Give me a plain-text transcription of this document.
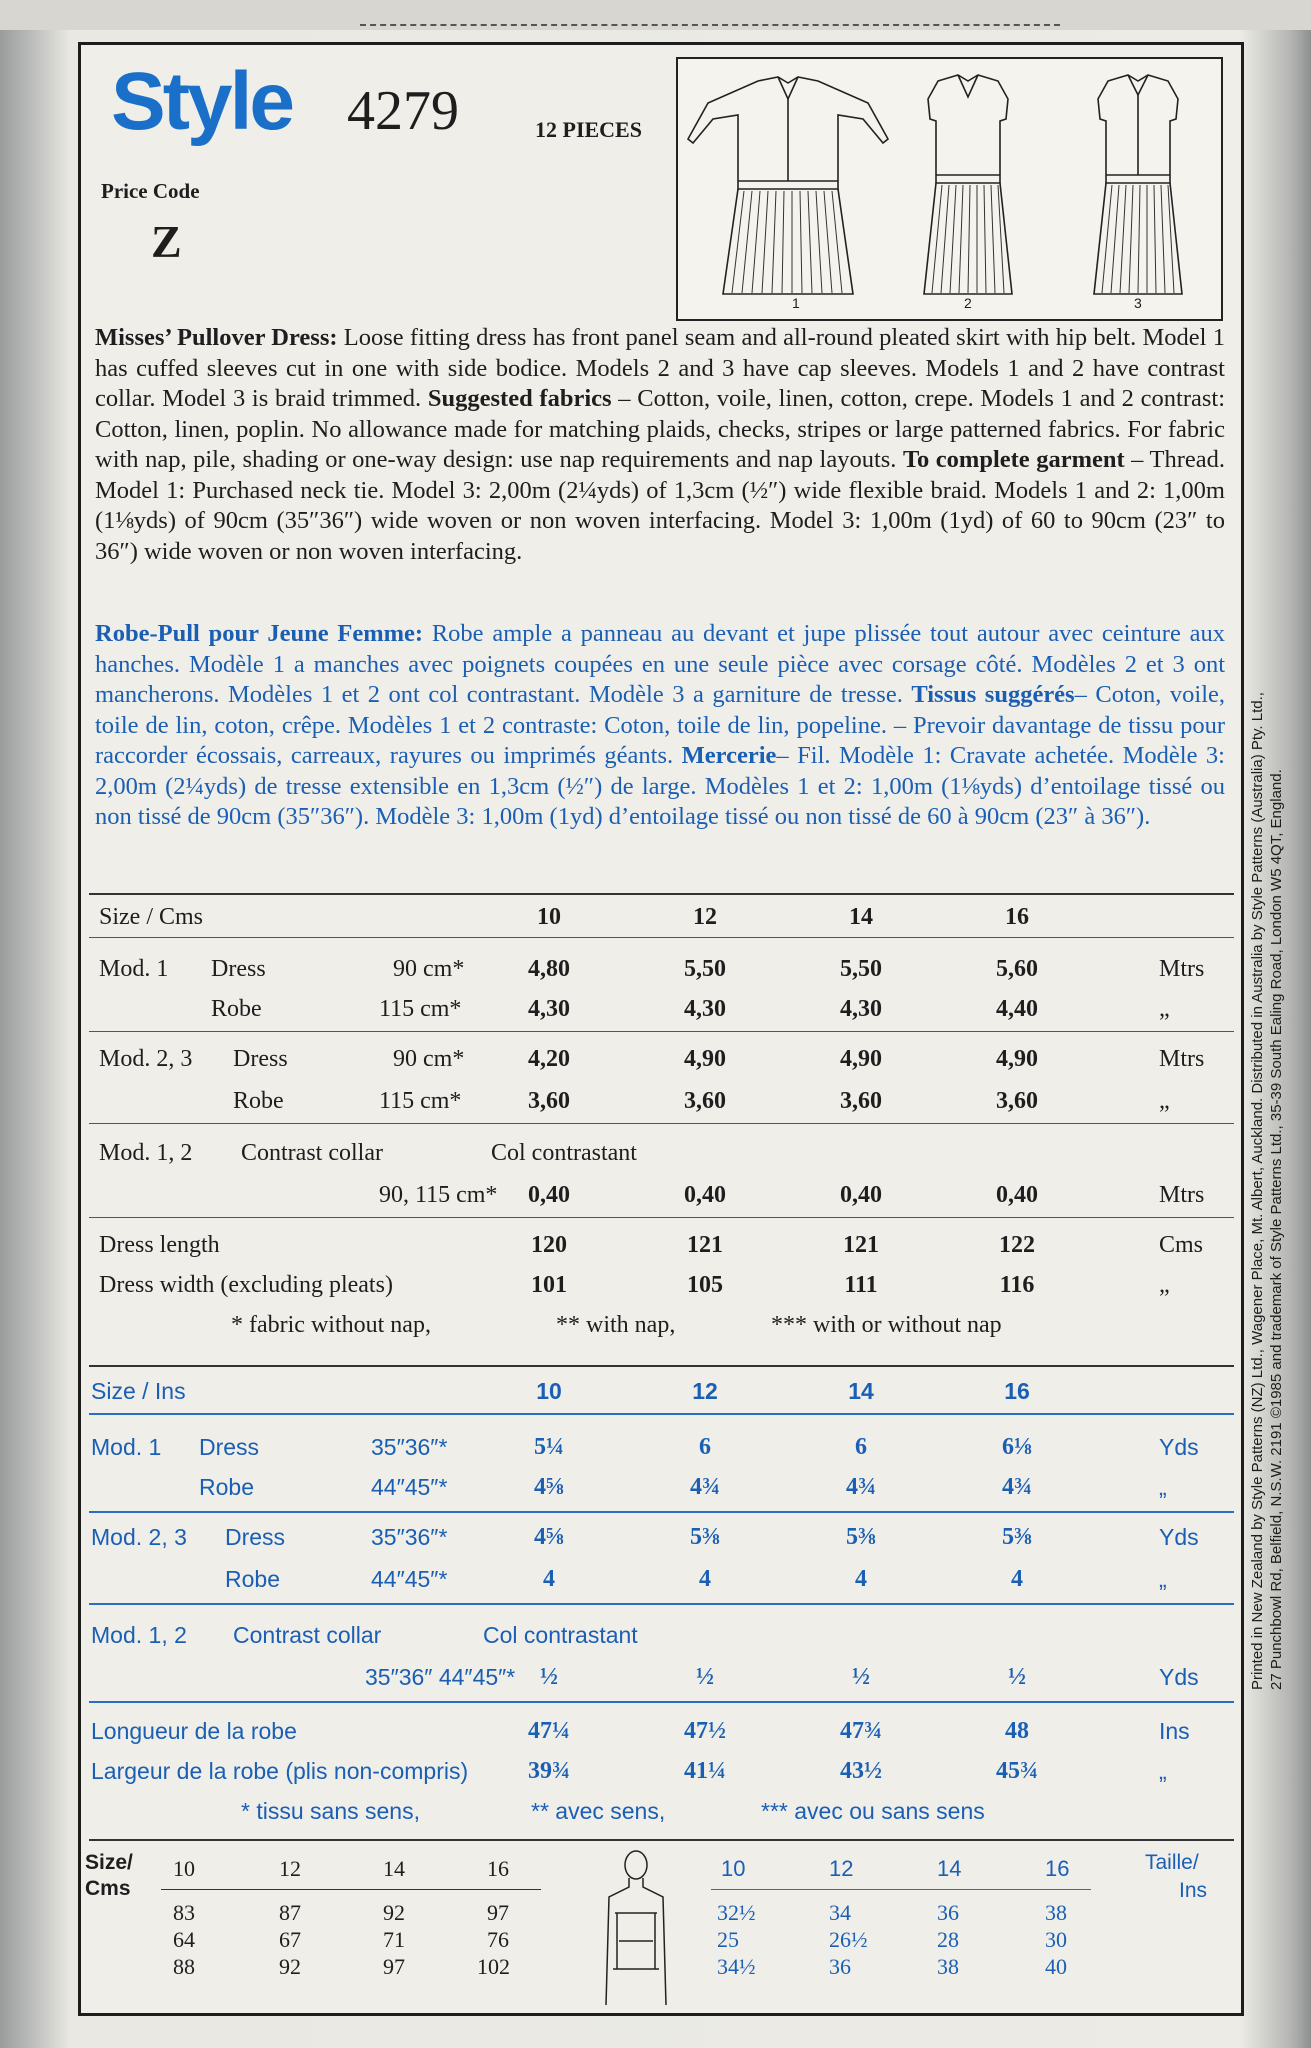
Style 4279	12 PIECES
Price Code
Z
1	2	3
Misses’ Pullover Dress: Loose fitting dress has front panel seam and all-round pleated skirt with hip belt. Model 1 has cuffed sleeves cut in one with side bodice. Models 2 and 3 have cap sleeves. Models 1 and 2 have contrast collar. Model 3 is braid trimmed. Suggested fabrics – Cotton, voile, linen, cotton, crepe. Models 1 and 2 contrast: Cotton, linen, poplin. No allowance made for matching plaids, checks, stripes or large patterned fabrics. For fabric with nap, pile, shading or one-way design: use nap requirements and nap layouts. To complete garment – Thread. Model 1: Purchased neck tie. Model 3: 2,00m (2¼yds) of 1,3cm (½″) wide flexible braid. Models 1 and 2: 1,00m (1⅛yds) of 90cm (35″36″) wide woven or non woven interfacing. Model 3: 1,00m (1yd) of 60 to 90cm (23″ to 36″) wide woven or non woven interfacing.
Robe-Pull pour Jeune Femme: Robe ample a panneau au devant et jupe plissée tout autour avec ceinture aux hanches. Modèle 1 a manches avec poignets coupées en une seule pièce avec corsage côté. Modèles 2 et 3 ont mancherons. Modèles 1 et 2 ont col contrastant. Modèle 3 a garniture de tresse. Tissus suggérés– Coton, voile, toile de lin, coton, crêpe. Modèles 1 et 2 contraste: Coton, toile de lin, popeline. – Prevoir davantage de tissu pour raccorder écossais, carreaux, rayures ou imprimés géants. Mercerie– Fil. Modèle 1: Cravate achetée. Modèle 3: 2,00m (2¼yds) de tresse extensible en 1,3cm (½″) de large. Modèles 1 et 2: 1,00m (1⅛yds) d’entoilage tissé ou non tissé de 90cm (35″36″). Modèle 3: 1,00m (1yd) d’entoilage tissé ou non tissé de 60 à 90cm (23″ à 36″).
Size / Cms	10	12	14	16
Mod. 1 Dress	90 cm*	4,80	5,50	5,50	5,60	Mtrs
Robe	115 cm*	4,30	4,30	4,30	4,40	„
Mod. 2, 3 Dress	90 cm*	4,20	4,90	4,90	4,90	Mtrs
Robe	115 cm*	3,60	3,60	3,60	3,60	„
Mod. 1, 2 Contrast collar	Col contrastant
90, 115 cm*	0,40	0,40	0,40	0,40	Mtrs
Dress length	120	121	121	122	Cms
Dress width (excluding pleats)	101	105	111	116	„
* fabric without nap,	** with nap,	*** with or without nap
Size / Ins	10	12	14	16
Mod. 1 Dress	35″36″*	5¼	6	6	6⅛	Yds
Robe	44″45″*	4⅝	4¾	4¾	4¾	„
Mod. 2, 3 Dress	35″36″*	4⅝	5⅜	5⅜	5⅜	Yds
Robe	44″45″*	4	4	4	4	„
Mod. 1, 2 Contrast collar	Col contrastant
35″36″ 44″45″*	½	½	½	½	Yds
Longueur de la robe	47¼	47½	47¾	48	Ins
Largeur de la robe (plis non-compris)	39¾	41¼	43½	45¾	„
* tissu sans sens,	** avec sens,	*** avec ou sans sens
Size/
Cms
10	12	14	16
83	87	92	97
64	67	71	76
88	92	97	102
10	12	14	16	Taille/
Ins
32½	34	36	38
25	26½	28	30
34½	36	38	40
Printed in New Zealand by Style Patterns (NZ) Ltd., Wagener Place, Mt. Albert, Auckland. Distributed in Australia by Style Patterns (Australia) Pty. Ltd., 27 Punchbowl Rd, Belfield, N.S.W. 2191 ©1985 and trademark of Style Patterns Ltd., 35-39 South Ealing Road, London W5 4QT, England.
